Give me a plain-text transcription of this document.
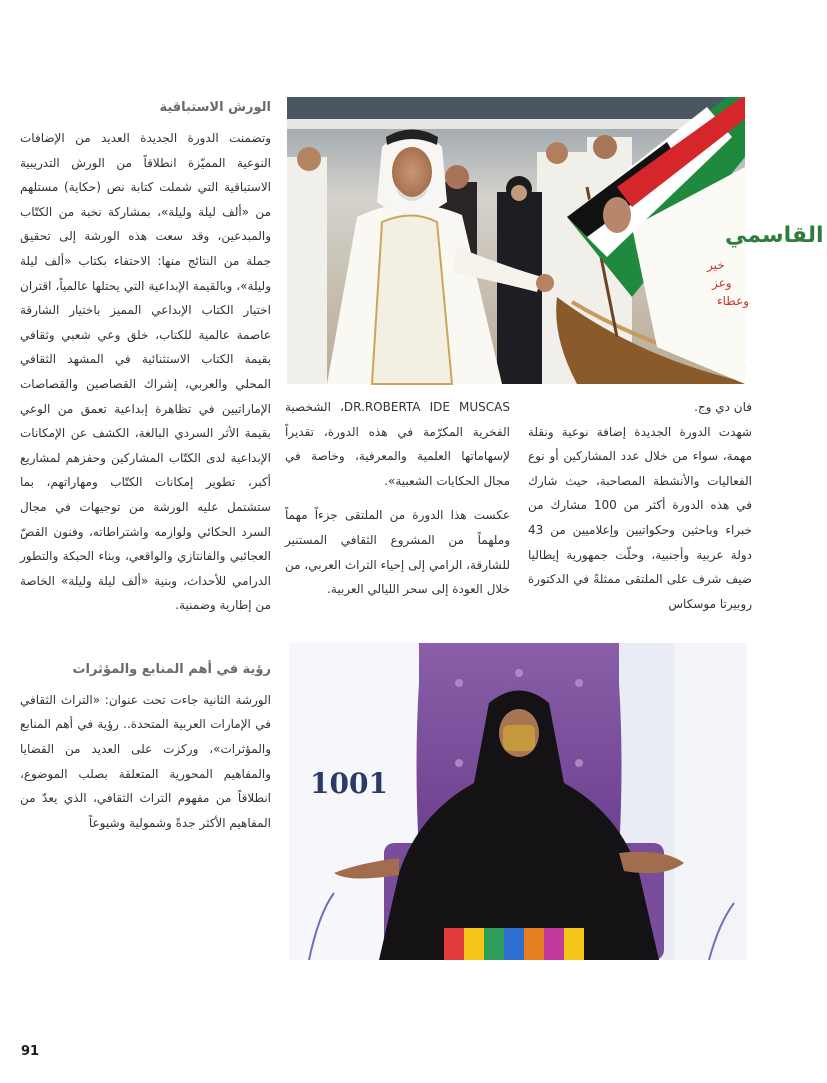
الورش الاستباقية

وتضمنت الدورة الجديدة العديد من الإضافات النوعية المميّزة انطلاقاً من الورش التدريبية الاستباقية التي شملت كتابة نص (حكاية) مستلهم من «ألف ليلة وليلة»، بمشاركة نخبة من الكتّاب والمبدعين، وقد سعت هذه الورشة إلى تحقيق جملة من النتائج منها: الاحتفاء بكتاب «ألف ليلة وليلة»، وبالقيمة الإبداعية التي يحتلها عالمياً، اقتران اختيار الكتاب الإبداعي المميز باختيار الشارقة عاصمة عالمية للكتاب، خلق وعي شعبي وثقافي بقيمة الكتاب الاستثنائية في المشهد الثقافي المحلي والعربي، إشراك القصاصين والقصاصات الإماراتيين في تظاهرة إبداعية تعمق من الوعي بقيمة الأثر السردي البالغة، الكشف عن الإمكانات الإبداعية لدى الكتّاب المشاركين وحفزهم لمشاريع أكبر، تطوير إمكانات الكتّاب ومهاراتهم، بما ستشتمل عليه الورشة من توجيهات في مجال السرد الحكائي ولوازمه واشتراطاته، وفنون القصّ العجائبي والفانتازي والواقعي، وبناء الحبكة والتطور الدرامي للأحداث، وبنية «ألف ليلة وليلة» الخاصة من إطارية وضمنية.

رؤية في أهم المنابع والمؤثرات

الورشة الثانية جاءت تحت عنوان: «التراث الثقافي في الإمارات العربية المتحدة.. رؤية في أهم المنابع والمؤثرات»، وركزت على العديد من القضايا والمفاهيم المحورية المتعلقة بصلب الموضوع، انطلاقاً من مفهوم التراث الثقافي، الذي يعدّ من المفاهيم الأكثر جدةً وشمولية وشيوعاً

القاسمي
خير
وعز
وعطاء

DR.ROBERTA IDE MUSCAS، الشخصية الفخرية المكرّمة في هذه الدورة، تقديراً لإسهاماتها العلمية والمعرفية، وخاصة في مجال الحكايات الشعبية».

عكست هذا الدورة من الملتقى جزءاً مهماً وملهماً من المشروع الثقافي المستنير للشارقة، الرامي إلى إحياء التراث العربي، من خلال العودة إلى سحر الليالي العربية.

فان دي وج.

شهدت الدورة الجديدة إضافة نوعية ونقلة مهمة، سواء من خلال عدد المشاركين أو نوع الفعاليات والأنشطة المصاحبة، حيث شارك في هذه الدورة أكثر من 100 مشارك من خبراء وباحثين وحكواتيين وإعلاميين من 43 دولة عربية وأجنبية، وحلّت جمهورية إيطاليا ضيف شرف على الملتقى ممثلةً في الدكتورة روبيرتا موسكاس

1001
91
